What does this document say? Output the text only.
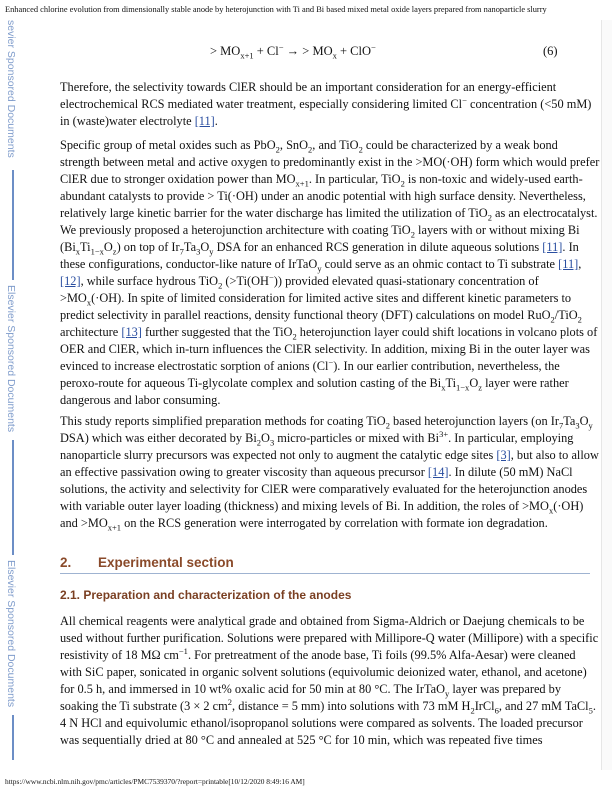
Enhanced chlorine evolution from dimensionally stable anode by heterojunction with Ti and Bi based mixed metal oxide layers prepared from nanoparticle slurry
sevier Sponsored Documents
Elsevier Sponsored Documents
Elsevier Sponsored Documents
> $MO_{x+1} + Cl^-$ → > $MO_x + ClO^-$	(6)

Therefore, the selectivity towards ClER should be an important consideration for an energy-efficient electrochemical RCS mediated water treatment, especially considering limited Cl− concentration (<50 mM) in (waste)water electrolyte [11].

Specific group of metal oxides such as PbO$_2$, SnO$_2$, and TiO$_2$ could be characterized by a weak bond strength between metal and active oxygen to predominantly exist in the >MO(·OH) form which would prefer ClER due to stronger oxidation power than $MO_{x+1}$. In particular, TiO$_2$ is non-toxic and widely-used earth-abundant catalysts to provide > Ti(·OH) under an anodic potential with high surface density. Nevertheless, relatively large kinetic barrier for the water discharge has limited the utilization of TiO$_2$ as an electrocatalyst. We previously proposed a heterojunction architecture with coating TiO$_2$ layers with or without mixing Bi $(Bi_xTi_{1-x}O_z)$ on top of $Ir_7Ta_3O_y$ DSA for an enhanced RCS generation in dilute aqueous solutions [11]. In these configurations, conductor-like nature of IrTaO$_y$ could serve as an ohmic contact to Ti substrate [11], [12], while surface hydrous TiO$_2$ (>Ti(OH−)) provided elevated quasi-stationary concentration of $>MO_x(\cdot OH)$. In spite of limited consideration for limited active sites and different kinetic parameters to predict selectivity in parallel reactions, density functional theory (DFT) calculations on model RuO$_2$/TiO$_2$ architecture [13] further suggested that the TiO$_2$ heterojunction layer could shift locations in volcano plots of OER and ClER, which in-turn influences the ClER selectivity. In addition, mixing Bi in the outer layer was evinced to increase electrostatic sorption of anions (Cl−). In our earlier contribution, nevertheless, the peroxo-route for aqueous Ti-glycolate complex and solution casting of the $Bi_xTi_{1-x}O_z$ layer were rather dangerous and labor consuming.

This study reports simplified preparation methods for coating TiO$_2$ based heterojunction layers (on $Ir_7Ta_3O_y$ DSA) which was either decorated by $Bi_2O_3$ micro-particles or mixed with $Bi^{3+}$. In particular, employing nanoparticle slurry precursors was expected not only to augment the catalytic edge sites [3], but also to allow an effective passivation owing to greater viscosity than aqueous precursor [14]. In dilute (50 mM) NaCl solutions, the activity and selectivity for ClER were comparatively evaluated for the heterojunction anodes with variable outer layer loading (thickness) and mixing levels of Bi. In addition, the roles of $>MO_x(\cdot OH)$ and $>MO_{x+1}$ on the RCS generation were interrogated by correlation with formate ion degradation.

2. Experimental section
2.1. Preparation and characterization of the anodes

All chemical reagents were analytical grade and obtained from Sigma-Aldrich or Daejung chemicals to be used without further purification. Solutions were prepared with Millipore-Q water (Millipore) with a specific resistivity of 18 MΩ $cm^{-1}$. For pretreatment of the anode base, Ti foils (99.5% Alfa-Aesar) were cleaned with SiC paper, sonicated in organic solvent solutions (equivolumic deionized water, ethanol, and acetone) for 0.5 h, and immersed in 10 wt% oxalic acid for 50 min at 80 °C. The IrTaO$_y$ layer was prepared by soaking the Ti substrate (3 × 2 $cm^2$, distance = 5 mm) into solutions with 73 mM $H_2IrCl_6$, and 27 mM TaCl$_5$. 4 N HCl and equivolumic ethanol/isopropanol solutions were compared as solvents. The loaded precursor was sequentially dried at 80 °C and annealed at 525 °C for 10 min, which was repeated five times

https://www.ncbi.nlm.nih.gov/pmc/articles/PMC7539370/?report=printable[10/12/2020 8:49:16 AM]
